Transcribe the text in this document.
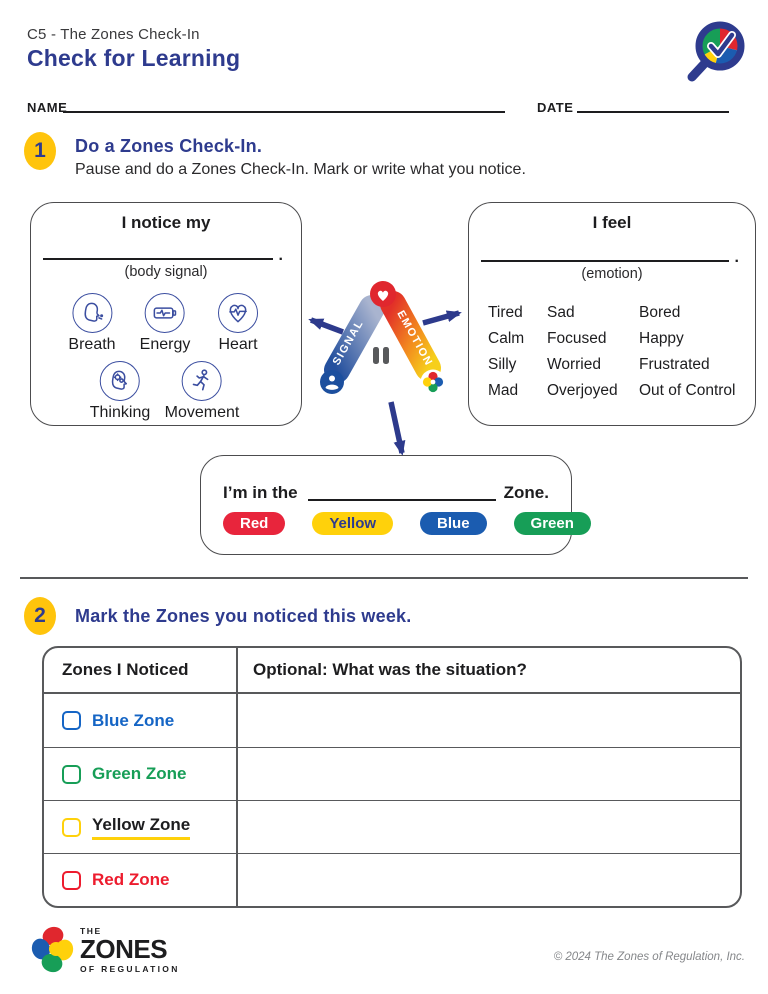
C5 - The Zones Check-In
Check for Learning
NAME	DATE
1	Do a Zones Check-In.
Pause and do a Zones Check-In. Mark or write what you notice.
I notice my
.
(body signal)
Breath Energy Heart
Thinking Movement
SIGNAL	EMOTION
ZONE
I feel
.
(emotion)
Tired	Sad	Bored
Calm	Focused	Happy
Silly	Worried	Frustrated
Mad	Overjoyed	Out of Control
I’m in the	Zone.
Red	Yellow	Blue	Green
2	Mark the Zones you noticed this week.
Zones I Noticed	Optional: What was the situation?
Blue Zone
Green Zone
Yellow Zone
Red Zone
THE
ZONES
OF REGULATION
© 2024 The Zones of Regulation, Inc.
